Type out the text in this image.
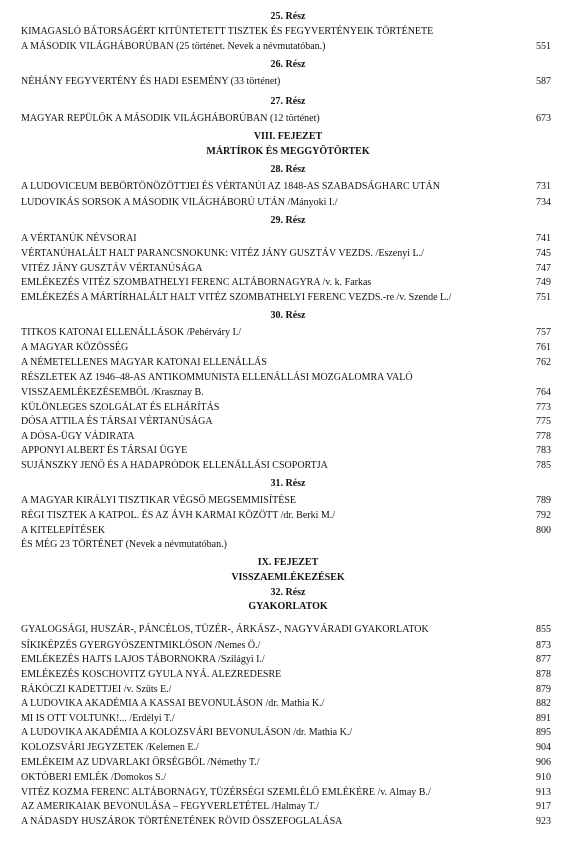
25. Rész
KIMAGASLÓ BÁTORSÁGÉRT KITÜNTETETT TISZTEK ÉS FEGYVERTÉNYEIK TÖRTÉNETE
A MÁSODIK VILÁGHÁBORÚBAN (25 történet. Nevek a névmutatóban.)	551
26. Rész
NÉHÁNY FEGYVERTÉNY ÉS HADI ESEMÉNY (33 történet)	587
27. Rész
MAGYAR REPÜLŐK A MÁSODIK VILÁGHÁBORÚBAN (12 történet)	673
VIII. FEJEZET
MÁRTÍROK ÉS MEGGYÖTÖRTEK
28. Rész
A LUDOVICEUM BEBÖRTÖNÖZÖTTJEI ÉS VÉRTANÚI AZ 1848-AS SZABADSÁGHARC UTÁN	731
LUDOVIKÁS SORSOK A MÁSODIK VILÁGHÁBORÚ UTÁN /Mányoki I./	734
29. Rész
A VÉRTANÚK NÉVSORAI	741
VÉRTANÚHALÁLT HALT PARANCSNOKUNK: VITÉZ JÁNY GUSZTÁV VEZDS. /Eszenyi L./	745
VITÉZ JÁNY GUSZTÁV VÉRTANÚSÁGA	747
EMLÉKEZÉS VITÉZ SZOMBATHELYI FERENC ALTÁBORNAGYRA /v. k. Farkas	749
EMLÉKEZÉS A MÁRTÍRHALÁLT HALT VITÉZ SZOMBATHELYI FERENC VEZDS.-re /v. Szende L./	751
30. Rész
TITKOS KATONAI ELLENÁLLÁSOK /Pehérváry I./	757
A MAGYAR KÖZÖSSÉG	761
A NÉMETELLENES MAGYAR KATONAI ELLENÁLLÁS	762
RÉSZLETEK AZ 1946–48-AS ANTIKOMMUNISTA ELLENÁLLÁSI MOZGALOMRA VALÓ
VISSZAEMLÉKEZÉSEMBŐL /Krasznay B.	764
KÜLÖNLEGES SZOLGÁLAT ÉS ELHÁRÍTÁS	773
DÓSA ATTILA ÉS TÁRSAI VÉRTANÚSÁGA	775
A DÓSA-ÜGY VÁDIRATA	778
APPONYI ALBERT ÉS TÁRSAI ÜGYE	783
SUJÁNSZKY JENŐ ÉS A HADAPRÓDOK ELLENÁLLÁSI CSOPORTJA	785
31. Rész
A MAGYAR KIRÁLYI TISZTIKAR VÉGSŐ MEGSEMMISÍTÉSE	789
RÉGI TISZTEK A KATPOL. ÉS AZ ÁVH KARMAI KÖZÖTT /dr. Berki M./	792
A KITELEPÍTÉSEK	800
ÉS MÉG 23 TÖRTÉNET (Nevek a névmutatóban.)
IX. FEJEZET
VISSZAEMLÉKEZÉSEK
32. Rész
GYAKORLATOK
GYALOGSÁGI, HUSZÁR-, PÁNCÉLOS, TÜZÉR-, ÁRKÁSZ-, NAGYVÁRADI GYAKORLATOK	855
SÍKIKÉPZÉS GYERGYÓSZENTMIKLÓSON /Nemes Ö./	873
EMLÉKEZÉS HAJTS LAJOS TÁBORNOKRA /Szilágyi I./	877
EMLÉKEZÉS KOSCHOVITZ GYULA NYÁ. ALEZREDESRE	878
RÁKÓCZI KADETTJEI /v. Szűts E./	879
A LUDOVIKA AKADÉMIA A KASSAI BEVONULÁSON /dr. Mathia K./	882
MI IS OTT VOLTUNK!... /Erdélyi T./	891
A LUDOVIKA AKADÉMIA A KOLOZSVÁRI BEVONULÁSON /dr. Mathia K./	895
KOLOZSVÁRI JEGYZETEK /Kelemen E./	904
EMLÉKEIM AZ UDVARLAKI ŐRSÉGBŐL /Némethy T./	906
OKTÓBERI EMLÉK /Domokos S./	910
VITÉZ KOZMA FERENC ALTÁBORNAGY, TÜZÉRSÉGI SZEMLÉLŐ EMLÉKÉRE /v. Almay B./	913
AZ AMERIKAIAK BEVONULÁSA – FEGYVERLETÉTEL /Halmay T./	917
A NÁDASDY HUSZÁROK TÖRTÉNETÉNEK RÖVID ÖSSZEFOGLALÁSA	923
